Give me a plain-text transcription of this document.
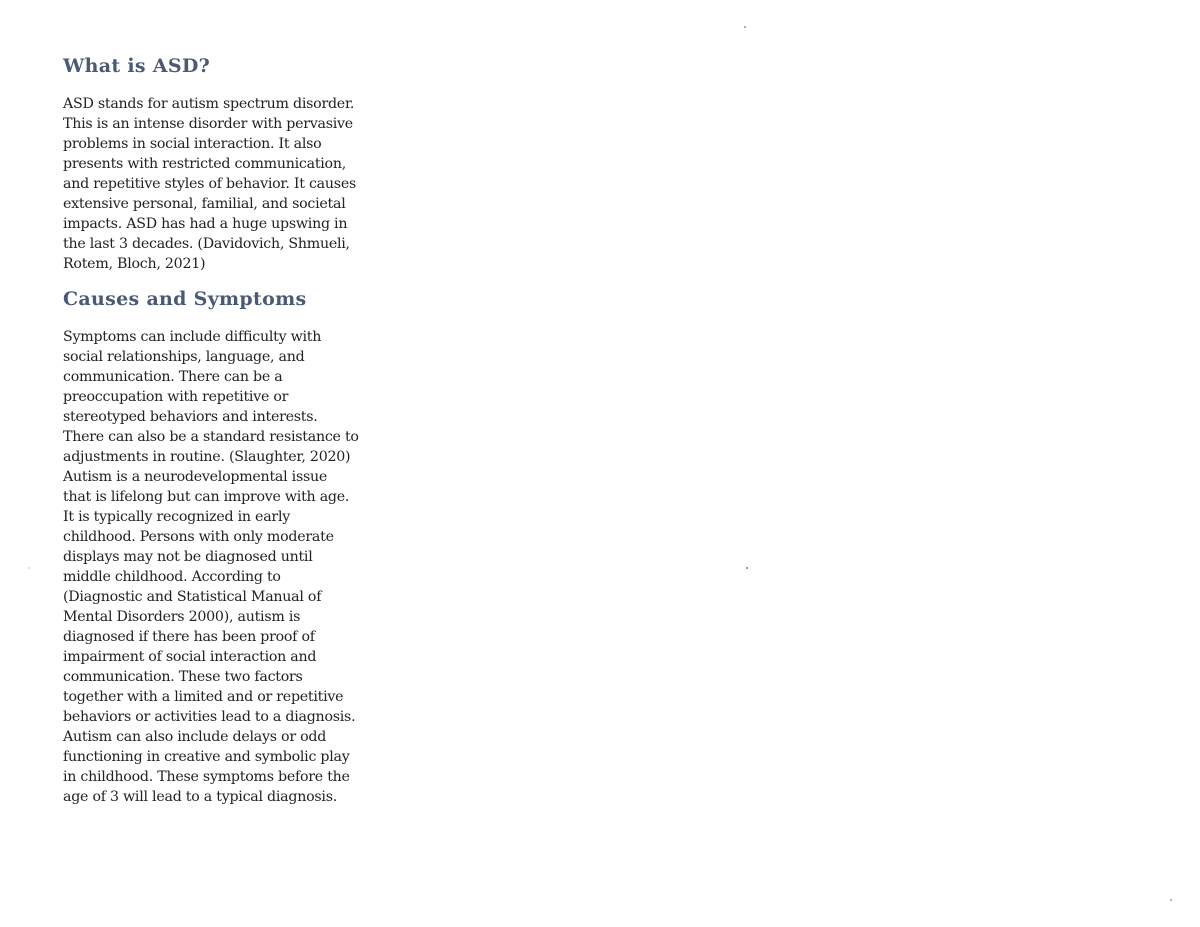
What is ASD?
ASD stands for autism spectrum disorder.
This is an intense disorder with pervasive
problems in social interaction. It also
presents with restricted communication,
and repetitive styles of behavior. It causes
extensive personal, familial, and societal
impacts. ASD has had a huge upswing in
the last 3 decades. (Davidovich, Shmueli,
Rotem, Bloch, 2021)
Causes and Symptoms
Symptoms can include difficulty with
social relationships, language, and
communication. There can be a
preoccupation with repetitive or
stereotyped behaviors and interests.
There can also be a standard resistance to
adjustments in routine. (Slaughter, 2020)
Autism is a neurodevelopmental issue
that is lifelong but can improve with age.
It is typically recognized in early
childhood. Persons with only moderate
displays may not be diagnosed until
middle childhood. According to
(Diagnostic and Statistical Manual of
Mental Disorders 2000), autism is
diagnosed if there has been proof of
impairment of social interaction and
communication. These two factors
together with a limited and or repetitive
behaviors or activities lead to a diagnosis.
Autism can also include delays or odd
functioning in creative and symbolic play
in childhood. These symptoms before the
age of 3 will lead to a typical diagnosis.
